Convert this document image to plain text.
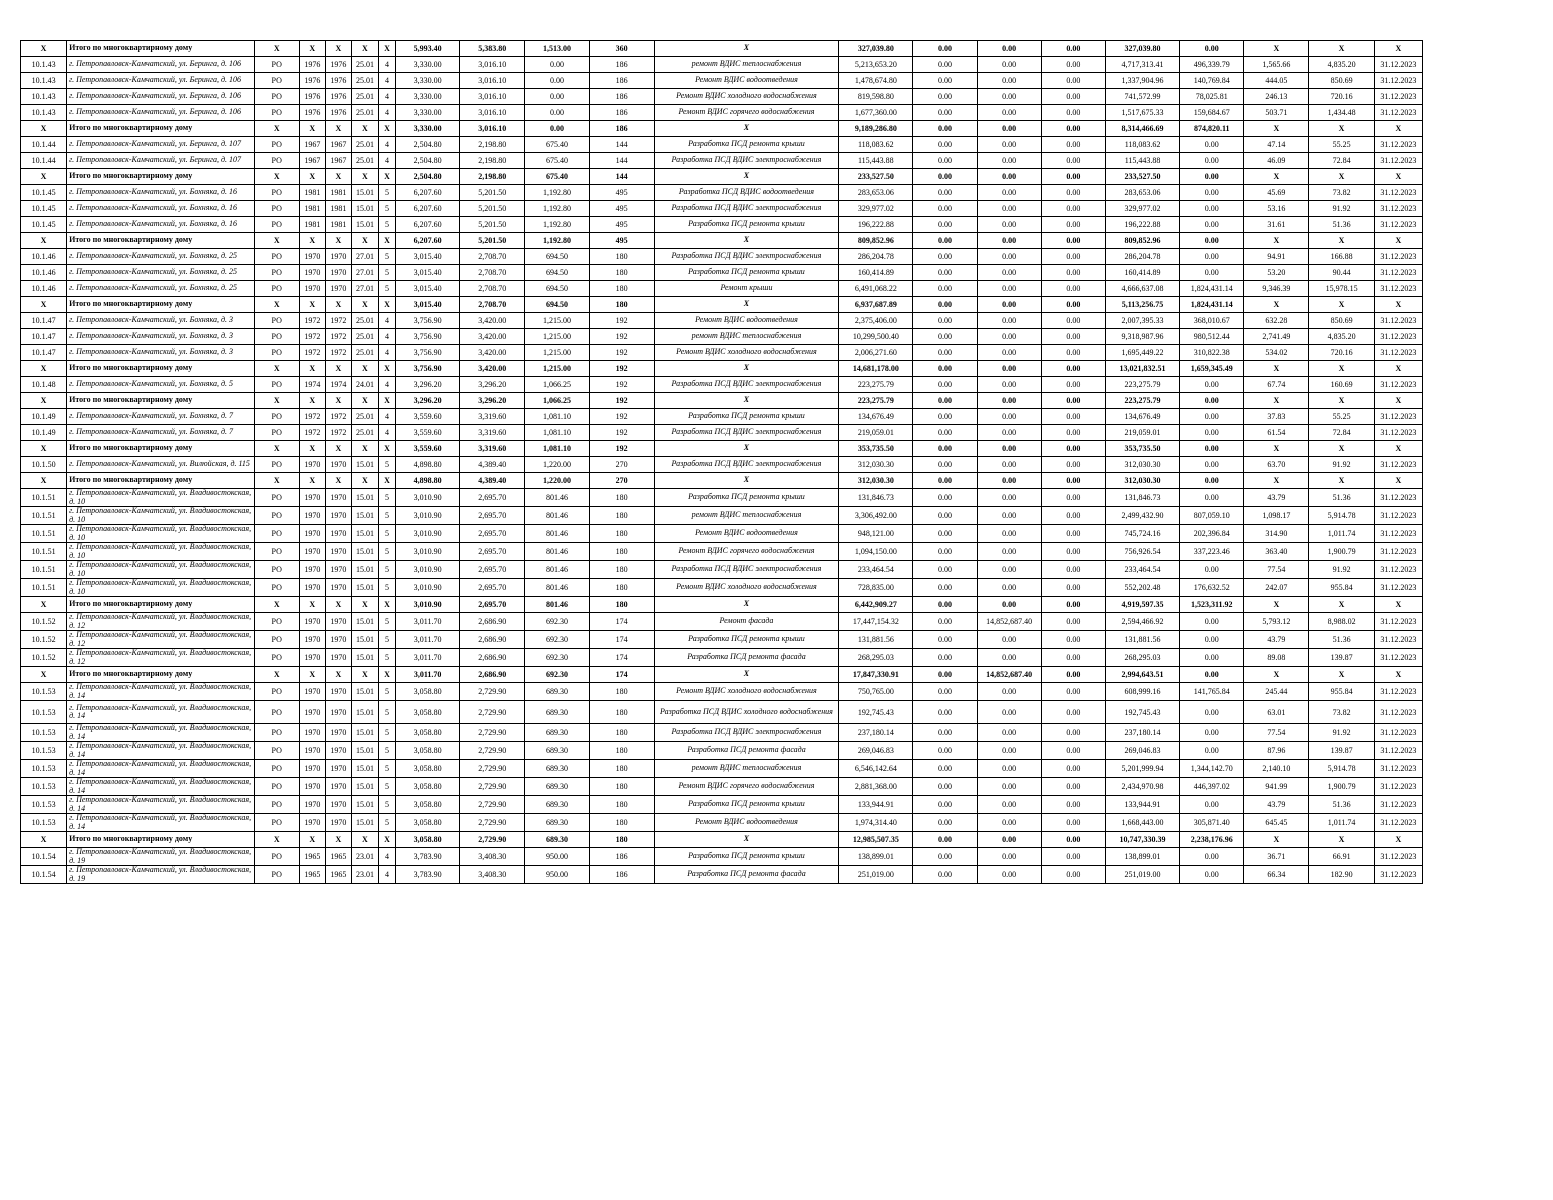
X	Итого по многоквартирному дому	X	X	X	X	X	5,993.40	5,383.80	1,513.00	360	X	327,039.80	0.00	0.00	0.00	327,039.80	0.00	X	X	X
10.1.43	г. Петропавловск-Камчатский, ул. Беринга, д. 106	РО	1976	1976	25.01	4	3,330.00	3,016.10	0.00	186	ремонт ВДИС теплоснабжения	5,213,653.20	0.00	0.00	0.00	4,717,313.41	496,339.79	1,565.66	4,835.20	31.12.2023
10.1.43	г. Петропавловск-Камчатский, ул. Беринга, д. 106	РО	1976	1976	25.01	4	3,330.00	3,016.10	0.00	186	Ремонт ВДИС водоотведения	1,478,674.80	0.00	0.00	0.00	1,337,904.96	140,769.84	444.05	850.69	31.12.2023
10.1.43	г. Петропавловск-Камчатский, ул. Беринга, д. 106	РО	1976	1976	25.01	4	3,330.00	3,016.10	0.00	186	Ремонт ВДИС холодного водоснабжения	819,598.80	0.00	0.00	0.00	741,572.99	78,025.81	246.13	720.16	31.12.2023
10.1.43	г. Петропавловск-Камчатский, ул. Беринга, д. 106	РО	1976	1976	25.01	4	3,330.00	3,016.10	0.00	186	Ремонт ВДИС горячего водоснабжения	1,677,360.00	0.00	0.00	0.00	1,517,675.33	159,684.67	503.71	1,434.48	31.12.2023
X	Итого по многоквартирному дому	X	X	X	X	X	3,330.00	3,016.10	0.00	186	X	9,189,286.80	0.00	0.00	0.00	8,314,466.69	874,820.11	X	X	X
10.1.44	г. Петропавловск-Камчатский, ул. Беринга, д. 107	РО	1967	1967	25.01	4	2,504.80	2,198.80	675.40	144	Разработка ПСД ремонта крыши	118,083.62	0.00	0.00	0.00	118,083.62	0.00	47.14	55.25	31.12.2023
10.1.44	г. Петропавловск-Камчатский, ул. Беринга, д. 107	РО	1967	1967	25.01	4	2,504.80	2,198.80	675.40	144	Разработка ПСД ВДИС электроснабжения	115,443.88	0.00	0.00	0.00	115,443.88	0.00	46.09	72.84	31.12.2023
X	Итого по многоквартирному дому	X	X	X	X	X	2,504.80	2,198.80	675.40	144	X	233,527.50	0.00	0.00	0.00	233,527.50	0.00	X	X	X
10.1.45	г. Петропавловск-Камчатский, ул. Бохняка, д. 16	РО	1981	1981	15.01	5	6,207.60	5,201.50	1,192.80	495	Разработка ПСД ВДИС водоотведения	283,653.06	0.00	0.00	0.00	283,653.06	0.00	45.69	73.82	31.12.2023
10.1.45	г. Петропавловск-Камчатский, ул. Бохняка, д. 16	РО	1981	1981	15.01	5	6,207.60	5,201.50	1,192.80	495	Разработка ПСД ВДИС электроснабжения	329,977.02	0.00	0.00	0.00	329,977.02	0.00	53.16	91.92	31.12.2023
10.1.45	г. Петропавловск-Камчатский, ул. Бохняка, д. 16	РО	1981	1981	15.01	5	6,207.60	5,201.50	1,192.80	495	Разработка ПСД ремонта крыши	196,222.88	0.00	0.00	0.00	196,222.88	0.00	31.61	51.36	31.12.2023
X	Итого по многоквартирному дому	X	X	X	X	X	6,207.60	5,201.50	1,192.80	495	X	809,852.96	0.00	0.00	0.00	809,852.96	0.00	X	X	X
10.1.46	г. Петропавловск-Камчатский, ул. Бохняка, д. 25	РО	1970	1970	27.01	5	3,015.40	2,708.70	694.50	180	Разработка ПСД ВДИС электроснабжения	286,204.78	0.00	0.00	0.00	286,204.78	0.00	94.91	166.88	31.12.2023
10.1.46	г. Петропавловск-Камчатский, ул. Бохняка, д. 25	РО	1970	1970	27.01	5	3,015.40	2,708.70	694.50	180	Разработка ПСД ремонта крыши	160,414.89	0.00	0.00	0.00	160,414.89	0.00	53.20	90.44	31.12.2023
10.1.46	г. Петропавловск-Камчатский, ул. Бохняка, д. 25	РО	1970	1970	27.01	5	3,015.40	2,708.70	694.50	180	Ремонт крыши	6,491,068.22	0.00	0.00	0.00	4,666,637.08	1,824,431.14	9,346.39	15,978.15	31.12.2023
X	Итого по многоквартирному дому	X	X	X	X	X	3,015.40	2,708.70	694.50	180	X	6,937,687.89	0.00	0.00	0.00	5,113,256.75	1,824,431.14	X	X	X
10.1.47	г. Петропавловск-Камчатский, ул. Бохняка, д. 3	РО	1972	1972	25.01	4	3,756.90	3,420.00	1,215.00	192	Ремонт ВДИС водоотведения	2,375,406.00	0.00	0.00	0.00	2,007,395.33	368,010.67	632.28	850.69	31.12.2023
10.1.47	г. Петропавловск-Камчатский, ул. Бохняка, д. 3	РО	1972	1972	25.01	4	3,756.90	3,420.00	1,215.00	192	ремонт ВДИС теплоснабжения	10,299,500.40	0.00	0.00	0.00	9,318,987.96	980,512.44	2,741.49	4,835.20	31.12.2023
10.1.47	г. Петропавловск-Камчатский, ул. Бохняка, д. 3	РО	1972	1972	25.01	4	3,756.90	3,420.00	1,215.00	192	Ремонт ВДИС холодного водоснабжения	2,006,271.60	0.00	0.00	0.00	1,695,449.22	310,822.38	534.02	720.16	31.12.2023
X	Итого по многоквартирному дому	X	X	X	X	X	3,756.90	3,420.00	1,215.00	192	X	14,681,178.00	0.00	0.00	0.00	13,021,832.51	1,659,345.49	X	X	X
10.1.48	г. Петропавловск-Камчатский, ул. Бохняка, д. 5	РО	1974	1974	24.01	4	3,296.20	3,296.20	1,066.25	192	Разработка ПСД ВДИС электроснабжения	223,275.79	0.00	0.00	0.00	223,275.79	0.00	67.74	160.69	31.12.2023
X	Итого по многоквартирному дому	X	X	X	X	X	3,296.20	3,296.20	1,066.25	192	X	223,275.79	0.00	0.00	0.00	223,275.79	0.00	X	X	X
10.1.49	г. Петропавловск-Камчатский, ул. Бохняка, д. 7	РО	1972	1972	25.01	4	3,559.60	3,319.60	1,081.10	192	Разработка ПСД ремонта крыши	134,676.49	0.00	0.00	0.00	134,676.49	0.00	37.83	55.25	31.12.2023
10.1.49	г. Петропавловск-Камчатский, ул. Бохняка, д. 7	РО	1972	1972	25.01	4	3,559.60	3,319.60	1,081.10	192	Разработка ПСД ВДИС электроснабжения	219,059.01	0.00	0.00	0.00	219,059.01	0.00	61.54	72.84	31.12.2023
X	Итого по многоквартирному дому	X	X	X	X	X	3,559.60	3,319.60	1,081.10	192	X	353,735.50	0.00	0.00	0.00	353,735.50	0.00	X	X	X
10.1.50	г. Петропавловск-Камчатский, ул. Вилюйская, д. 115	РО	1970	1970	15.01	5	4,898.80	4,389.40	1,220.00	270	Разработка ПСД ВДИС электроснабжения	312,030.30	0.00	0.00	0.00	312,030.30	0.00	63.70	91.92	31.12.2023
X	Итого по многоквартирному дому	X	X	X	X	X	4,898.80	4,389.40	1,220.00	270	X	312,030.30	0.00	0.00	0.00	312,030.30	0.00	X	X	X
10.1.51	г. Петропавловск-Камчатский, ул. Владивостокская, д. 10	РО	1970	1970	15.01	5	3,010.90	2,695.70	801.46	180	Разработка ПСД ремонта крыши	131,846.73	0.00	0.00	0.00	131,846.73	0.00	43.79	51.36	31.12.2023
10.1.51	г. Петропавловск-Камчатский, ул. Владивостокская, д. 10	РО	1970	1970	15.01	5	3,010.90	2,695.70	801.46	180	ремонт ВДИС теплоснабжения	3,306,492.00	0.00	0.00	0.00	2,499,432.90	807,059.10	1,098.17	5,914.78	31.12.2023
10.1.51	г. Петропавловск-Камчатский, ул. Владивостокская, д. 10	РО	1970	1970	15.01	5	3,010.90	2,695.70	801.46	180	Ремонт ВДИС водоотведения	948,121.00	0.00	0.00	0.00	745,724.16	202,396.84	314.90	1,011.74	31.12.2023
10.1.51	г. Петропавловск-Камчатский, ул. Владивостокская, д. 10	РО	1970	1970	15.01	5	3,010.90	2,695.70	801.46	180	Ремонт ВДИС горячего водоснабжения	1,094,150.00	0.00	0.00	0.00	756,926.54	337,223.46	363.40	1,900.79	31.12.2023
10.1.51	г. Петропавловск-Камчатский, ул. Владивостокская, д. 10	РО	1970	1970	15.01	5	3,010.90	2,695.70	801.46	180	Разработка ПСД ВДИС электроснабжения	233,464.54	0.00	0.00	0.00	233,464.54	0.00	77.54	91.92	31.12.2023
10.1.51	г. Петропавловск-Камчатский, ул. Владивостокская, д. 10	РО	1970	1970	15.01	5	3,010.90	2,695.70	801.46	180	Ремонт ВДИС холодного водоснабжения	728,835.00	0.00	0.00	0.00	552,202.48	176,632.52	242.07	955.84	31.12.2023
X	Итого по многоквартирному дому	X	X	X	X	X	3,010.90	2,695.70	801.46	180	X	6,442,909.27	0.00	0.00	0.00	4,919,597.35	1,523,311.92	X	X	X
10.1.52	г. Петропавловск-Камчатский, ул. Владивостокская, д. 12	РО	1970	1970	15.01	5	3,011.70	2,686.90	692.30	174	Ремонт фасада	17,447,154.32	0.00	14,852,687.40	0.00	2,594,466.92	0.00	5,793.12	8,988.02	31.12.2023
10.1.52	г. Петропавловск-Камчатский, ул. Владивостокская, д. 12	РО	1970	1970	15.01	5	3,011.70	2,686.90	692.30	174	Разработка ПСД ремонта крыши	131,881.56	0.00	0.00	0.00	131,881.56	0.00	43.79	51.36	31.12.2023
10.1.52	г. Петропавловск-Камчатский, ул. Владивостокская, д. 12	РО	1970	1970	15.01	5	3,011.70	2,686.90	692.30	174	Разработка ПСД ремонта фасада	268,295.03	0.00	0.00	0.00	268,295.03	0.00	89.08	139.87	31.12.2023
X	Итого по многоквартирному дому	X	X	X	X	X	3,011.70	2,686.90	692.30	174	X	17,847,330.91	0.00	14,852,687.40	0.00	2,994,643.51	0.00	X	X	X
10.1.53	г. Петропавловск-Камчатский, ул. Владивостокская, д. 14	РО	1970	1970	15.01	5	3,058.80	2,729.90	689.30	180	Ремонт ВДИС холодного водоснабжения	750,765.00	0.00	0.00	0.00	608,999.16	141,765.84	245.44	955.84	31.12.2023
10.1.53	г. Петропавловск-Камчатский, ул. Владивостокская, д. 14	РО	1970	1970	15.01	5	3,058.80	2,729.90	689.30	180	Разработка ПСД ВДИС холодного водоснабжения	192,745.43	0.00	0.00	0.00	192,745.43	0.00	63.01	73.82	31.12.2023
10.1.53	г. Петропавловск-Камчатский, ул. Владивостокская, д. 14	РО	1970	1970	15.01	5	3,058.80	2,729.90	689.30	180	Разработка ПСД ВДИС электроснабжения	237,180.14	0.00	0.00	0.00	237,180.14	0.00	77.54	91.92	31.12.2023
10.1.53	г. Петропавловск-Камчатский, ул. Владивостокская, д. 14	РО	1970	1970	15.01	5	3,058.80	2,729.90	689.30	180	Разработка ПСД ремонта фасада	269,046.83	0.00	0.00	0.00	269,046.83	0.00	87.96	139.87	31.12.2023
10.1.53	г. Петропавловск-Камчатский, ул. Владивостокская, д. 14	РО	1970	1970	15.01	5	3,058.80	2,729.90	689.30	180	ремонт ВДИС теплоснабжения	6,546,142.64	0.00	0.00	0.00	5,201,999.94	1,344,142.70	2,140.10	5,914.78	31.12.2023
10.1.53	г. Петропавловск-Камчатский, ул. Владивостокская, д. 14	РО	1970	1970	15.01	5	3,058.80	2,729.90	689.30	180	Ремонт ВДИС горячего водоснабжения	2,881,368.00	0.00	0.00	0.00	2,434,970.98	446,397.02	941.99	1,900.79	31.12.2023
10.1.53	г. Петропавловск-Камчатский, ул. Владивостокская, д. 14	РО	1970	1970	15.01	5	3,058.80	2,729.90	689.30	180	Разработка ПСД ремонта крыши	133,944.91	0.00	0.00	0.00	133,944.91	0.00	43.79	51.36	31.12.2023
10.1.53	г. Петропавловск-Камчатский, ул. Владивостокская, д. 14	РО	1970	1970	15.01	5	3,058.80	2,729.90	689.30	180	Ремонт ВДИС водоотведения	1,974,314.40	0.00	0.00	0.00	1,668,443.00	305,871.40	645.45	1,011.74	31.12.2023
X	Итого по многоквартирному дому	X	X	X	X	X	3,058.80	2,729.90	689.30	180	X	12,985,507.35	0.00	0.00	0.00	10,747,330.39	2,238,176.96	X	X	X
10.1.54	г. Петропавловск-Камчатский, ул. Владивостокская, д. 19	РО	1965	1965	23.01	4	3,783.90	3,408.30	950.00	186	Разработка ПСД ремонта крыши	138,899.01	0.00	0.00	0.00	138,899.01	0.00	36.71	66.91	31.12.2023
10.1.54	г. Петропавловск-Камчатский, ул. Владивостокская, д. 19	РО	1965	1965	23.01	4	3,783.90	3,408.30	950.00	186	Разработка ПСД ремонта фасада	251,019.00	0.00	0.00	0.00	251,019.00	0.00	66.34	182.90	31.12.2023
